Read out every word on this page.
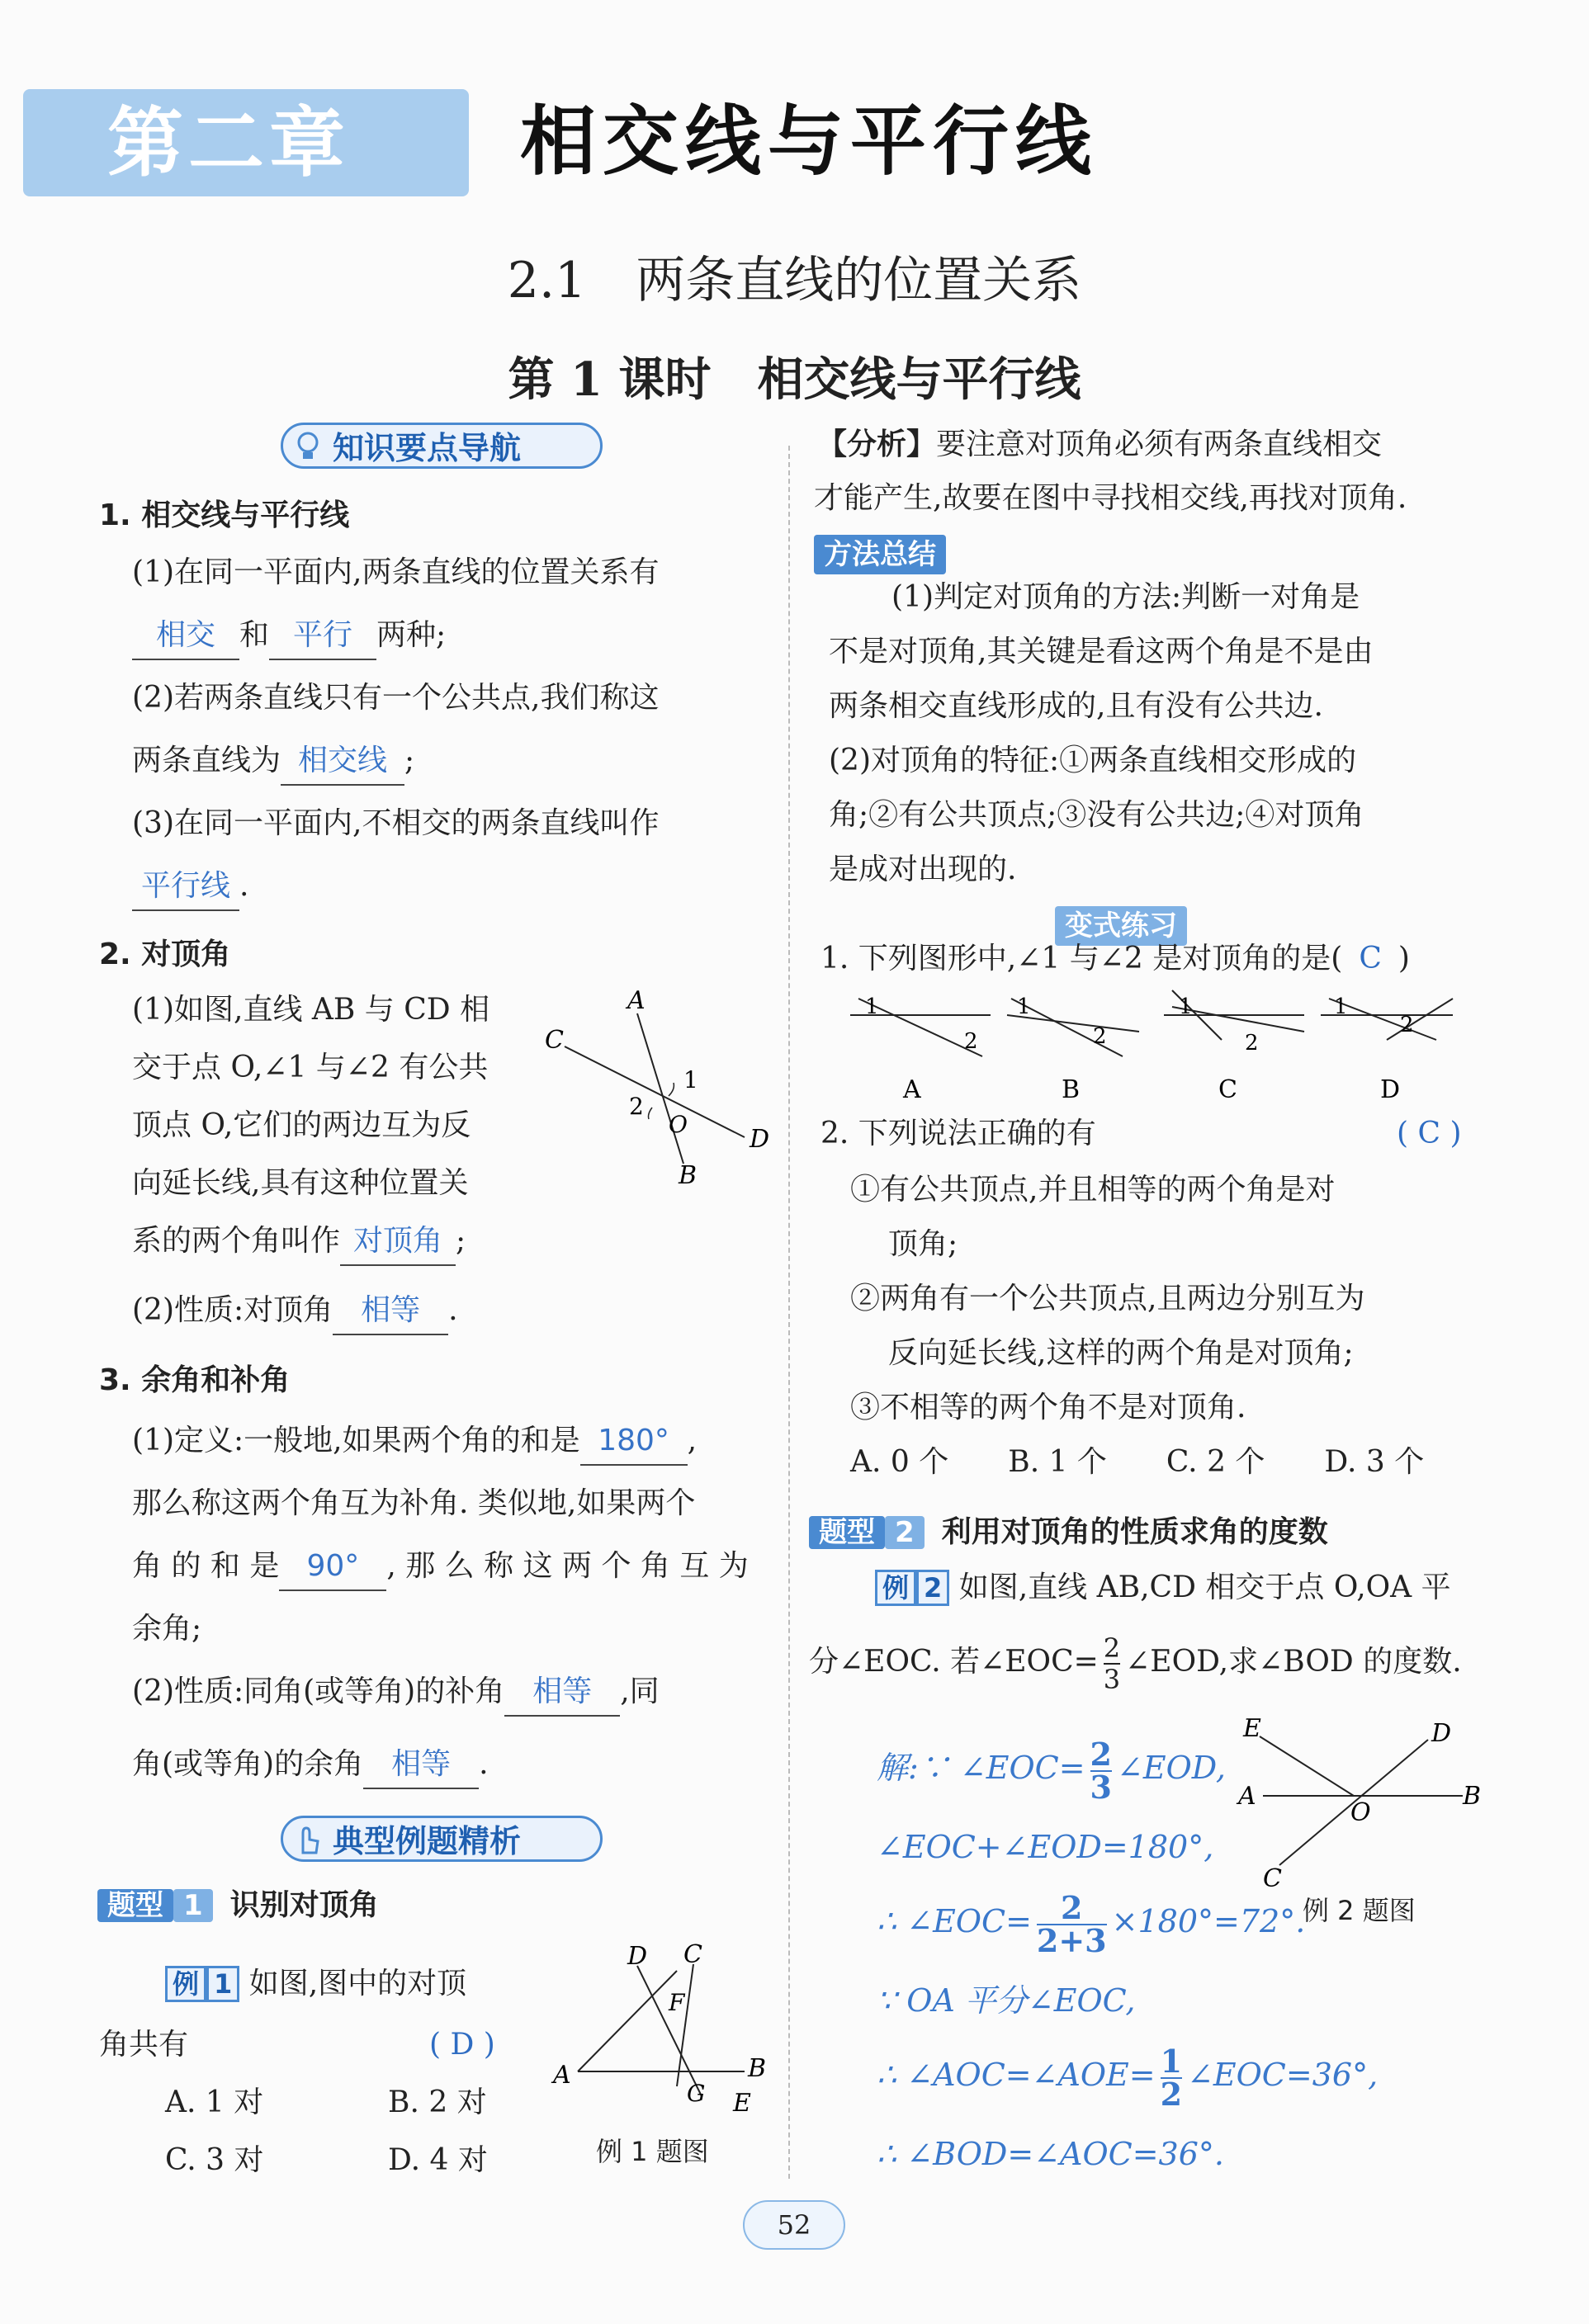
第二章 相交线与平行线
2.1　两条直线的位置关系
第 1 课时　相交线与平行线
知识要点导航
1. 相交线与平行线
(1)在同一平面内,两条直线的位置关系有
相交 和 平行 两种;
(2)若两条直线只有一个公共点,我们称这
两条直线为 相交线 ;
(3)在同一平面内,不相交的两条直线叫作
平行线 .
2. 对顶角
(1)如图,直线 AB 与 CD 相
交于点 O,∠1 与∠2 有公共
顶点 O,它们的两边互为反
向延长线,具有这种位置关
系的两个角叫作 对顶角 ;
(2)性质:对顶角 相等 .
A
C
1
2
O
D
B
3. 余角和补角
(1)定义:一般地,如果两个角的和是 180° ,
那么称这两个角互为补角. 类似地,如果两个
角 的 和 是 90° , 那 么 称 这 两 个 角 互 为
余角;
(2)性质:同角(或等角)的补角 相等 ,同
角(或等角)的余角 相等 .
典型例题精析
题型 1 识别对顶角
例 1 如图,图中的对顶
角共有	( D )
A. 1 对	B. 2 对
C. 3 对	D. 4 对
A
D C
F
B
G E
例 1 题图
【分析】要注意对顶角必须有两条直线相交
才能产生,故要在图中寻找相交线,再找对顶角.
方法总结
(1)判定对顶角的方法:判断一对角是
不是对顶角,其关键是看这两个角是不是由
两条相交直线形成的,且有没有公共边.
(2)对顶角的特征:①两条直线相交形成的
角;②有公共顶点;③没有公共边;④对顶角
是成对出现的.
变式练习
1. 下列图形中,∠1 与∠2 是对顶角的是( C )
1
2
A
1
2
B
1
2
C
1
2
D
2. 下列说法正确的有	( C )
①有公共顶点,并且相等的两个角是对
顶角;
②两角有一个公共顶点,且两边分别互为
反向延长线,这样的两个角是对顶角;
③不相等的两个角不是对顶角.
A. 0 个　　B. 1 个　　C. 2 个　　D. 3 个
题型 2 利用对顶角的性质求角的度数
例 2 如图,直线 AB,CD 相交于点 O,OA 平
分∠EOC. 若∠EOC= $\frac{2}{3}$ ∠EOD,求∠BOD 的度数.
解:∵ ∠EOC= $\frac{2}{3}$ ∠EOD,
∠EOC+∠EOD=180°,
∴ ∠EOC= $\frac{2}{2+3} \times 180^\circ=72^\circ$.
∵ OA 平分∠EOC,
∴ ∠AOC=∠AOE= $\frac{1}{2}$ ∠EOC=36°,
∴ ∠BOD=∠AOC=36°.
E	D
A	B
O
C
例 2 题图
52
